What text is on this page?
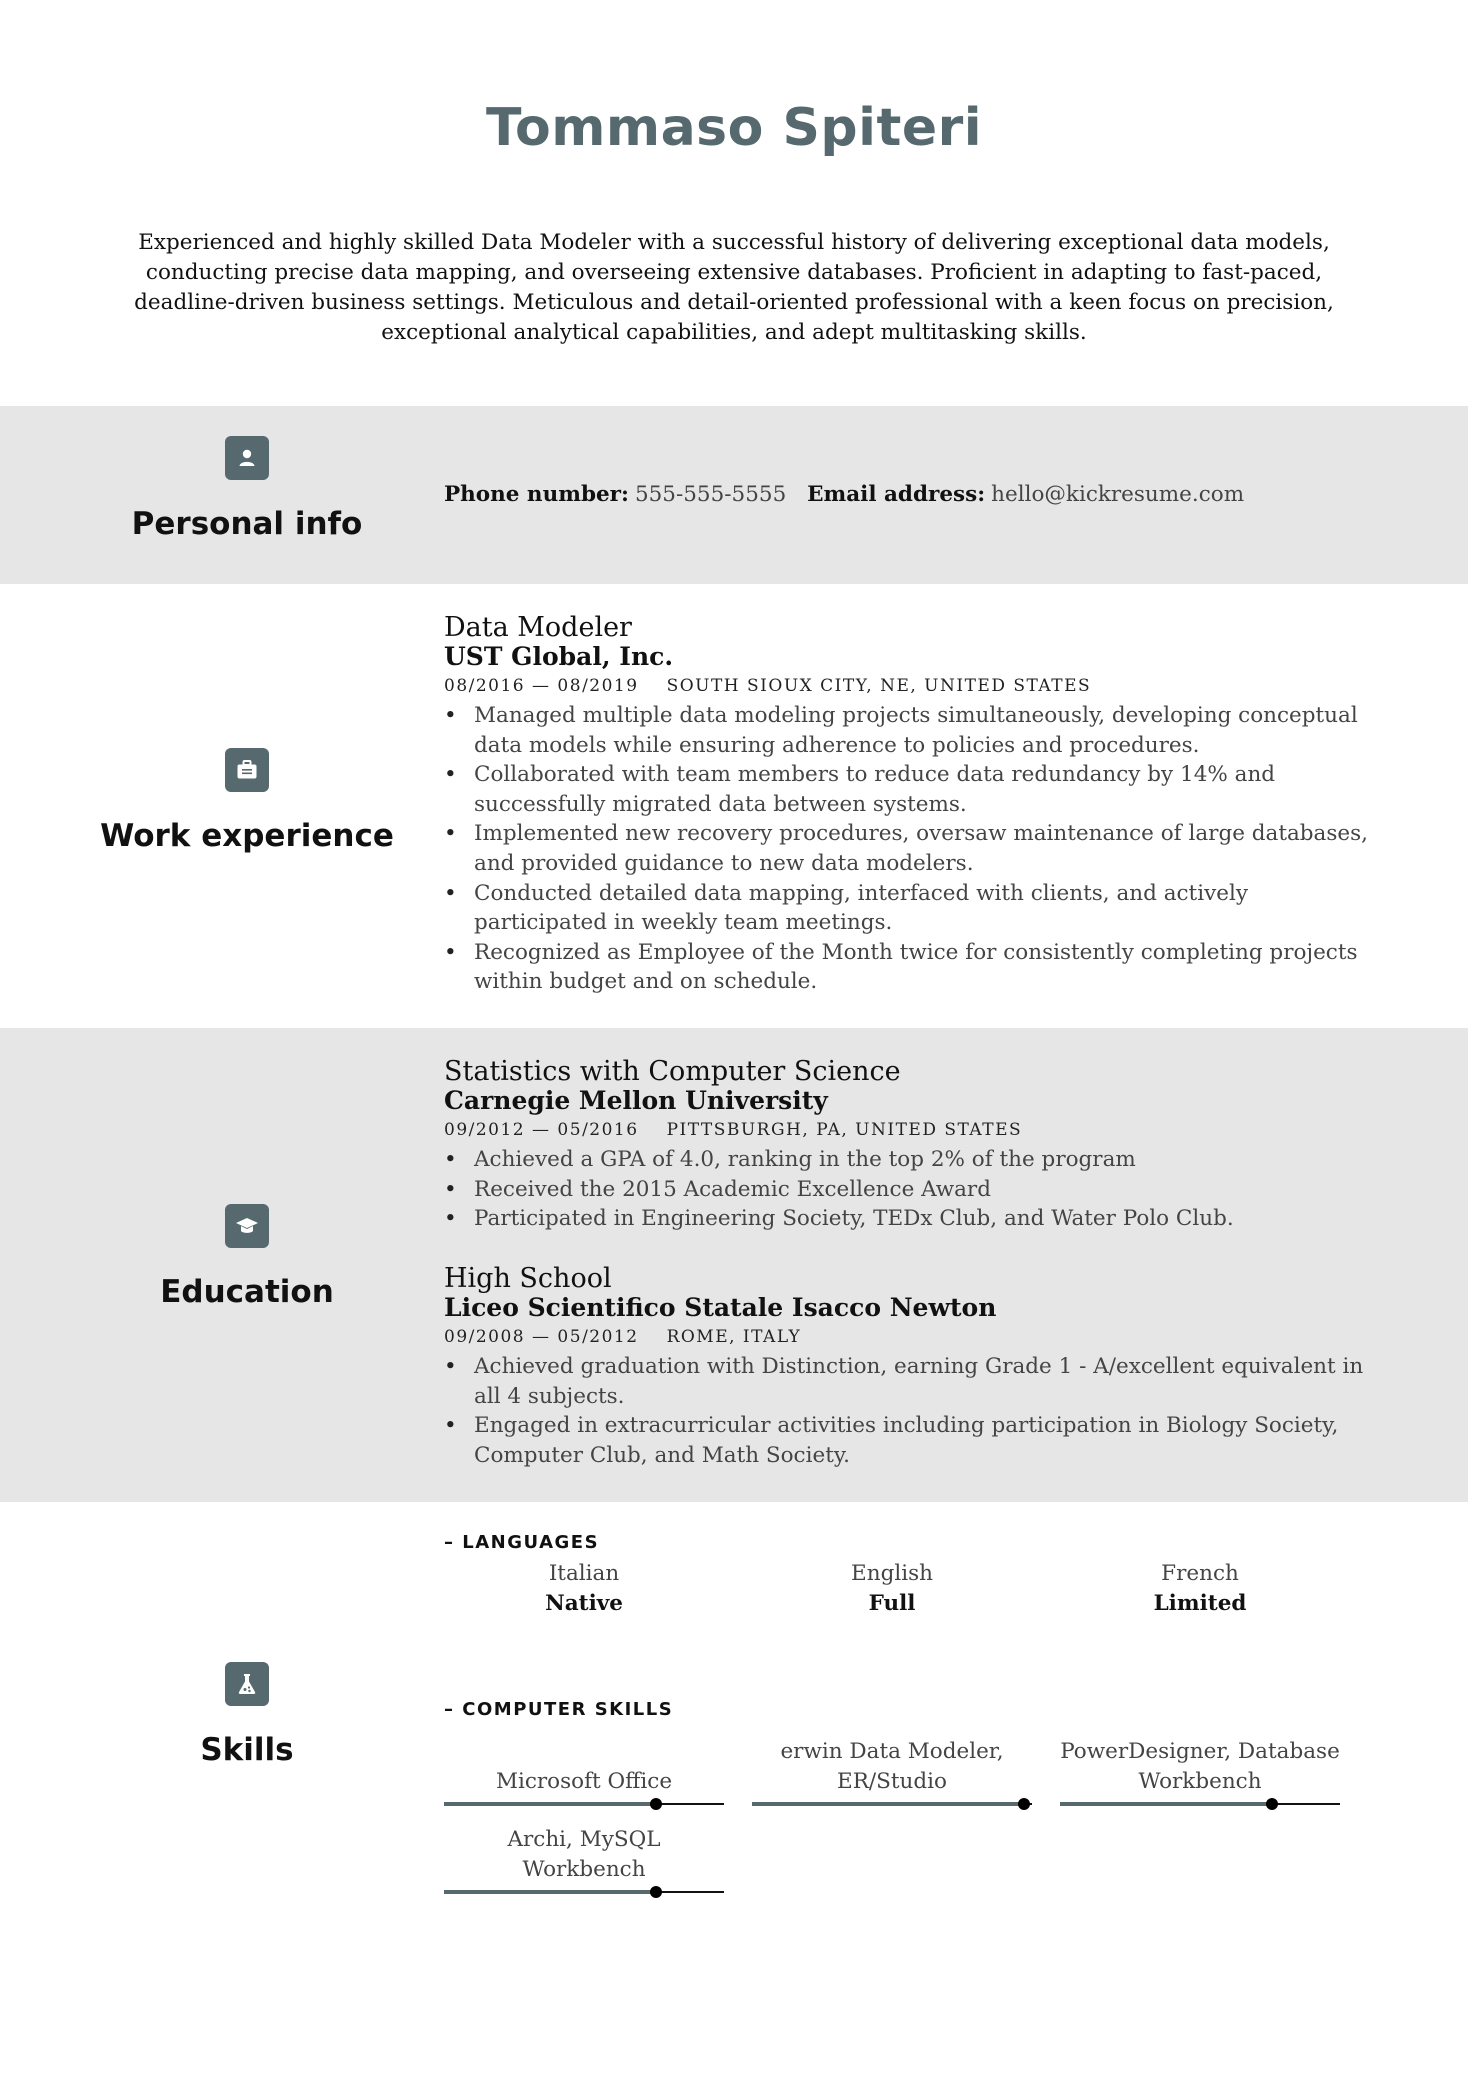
Tommaso Spiteri
Experienced and highly skilled Data Modeler with a successful history of delivering exceptional data models, conducting precise data mapping, and overseeing extensive databases. Proficient in adapting to fast-paced, deadline-driven business settings. Meticulous and detail-oriented professional with a keen focus on precision, exceptional analytical capabilities, and adept multitasking skills.
Personal info
Phone number: 555-555-5555 Email address: hello@kickresume.com
Work experience
Data Modeler
UST Global, Inc.
08/2016 — 08/2019 SOUTH SIOUX CITY, NE, UNITED STATES
• Managed multiple data modeling projects simultaneously, developing conceptual data models while ensuring adherence to policies and procedures.
• Collaborated with team members to reduce data redundancy by 14% and successfully migrated data between systems.
• Implemented new recovery procedures, oversaw maintenance of large databases, and provided guidance to new data modelers.
• Conducted detailed data mapping, interfaced with clients, and actively participated in weekly team meetings.
• Recognized as Employee of the Month twice for consistently completing projects within budget and on schedule.
Education
Statistics with Computer Science
Carnegie Mellon University
09/2012 — 05/2016 PITTSBURGH, PA, UNITED STATES
• Achieved a GPA of 4.0, ranking in the top 2% of the program
• Received the 2015 Academic Excellence Award
• Participated in Engineering Society, TEDx Club, and Water Polo Club.
High School
Liceo Scientifico Statale Isacco Newton
09/2008 — 05/2012 ROME, ITALY
• Achieved graduation with Distinction, earning Grade 1 - A/excellent equivalent in all 4 subjects.
• Engaged in extracurricular activities including participation in Biology Society, Computer Club, and Math Society.
Skills
– LANGUAGES
Italian
Native
English
Full
French
Limited
– COMPUTER SKILLS
Microsoft Office
erwin Data Modeler, ER/Studio
PowerDesigner, Database Workbench
Archi, MySQL Workbench
